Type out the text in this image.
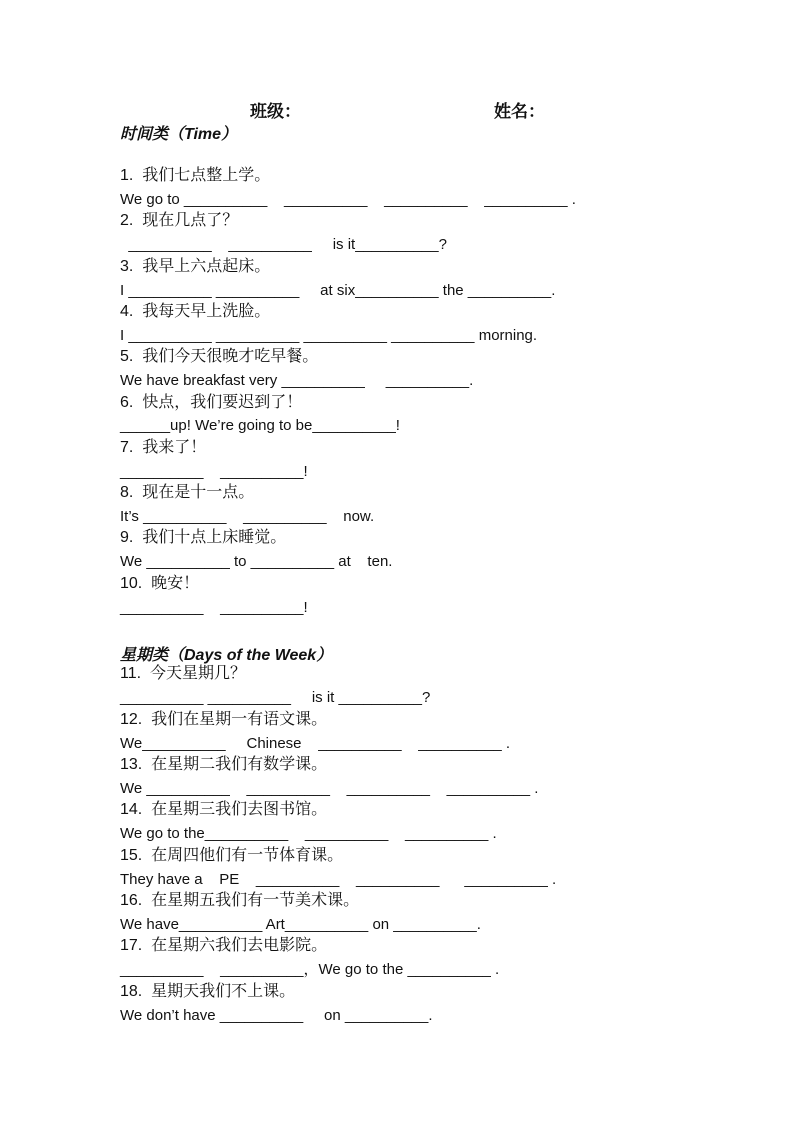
班级：	姓名：
时间类（Time）
1.  我们七点整上学。
We go to __________    __________    __________    __________ .
2.  现在几点了？
__________    __________     is it__________?
3.  我早上六点起床。
I __________ __________     at six__________ the __________.
4.  我每天早上洗脸。
I __________ __________ __________ __________ morning.
5.  我们今天很晚才吃早餐。
We have breakfast very __________     __________.
6.  快点，我们要迟到了！
______up! We’re going to be__________!
7.  我来了！
__________    __________!
8.  现在是十一点。
It’s __________    __________    now.
9.  我们十点上床睡觉。
We __________ to __________ at    ten.
10.  晚安！
__________    __________!
星期类（Days of the Week）
11.  今天星期几？
__________ __________     is it __________?
12.  我们在星期一有语文课。
We__________     Chinese    __________    __________ .
13.  在星期二我们有数学课。
We __________    __________    __________    __________ .
14.  在星期三我们去图书馆。
We go to the__________    __________    __________ .
15.  在周四他们有一节体育课。
They have a    PE    __________    __________      __________ .
16.  在星期五我们有一节美术课。
We have__________ Art__________ on __________.
17.  在星期六我们去电影院。
__________    __________，We go to the __________ .
18.  星期天我们不上课。
We don’t have __________     on __________.
